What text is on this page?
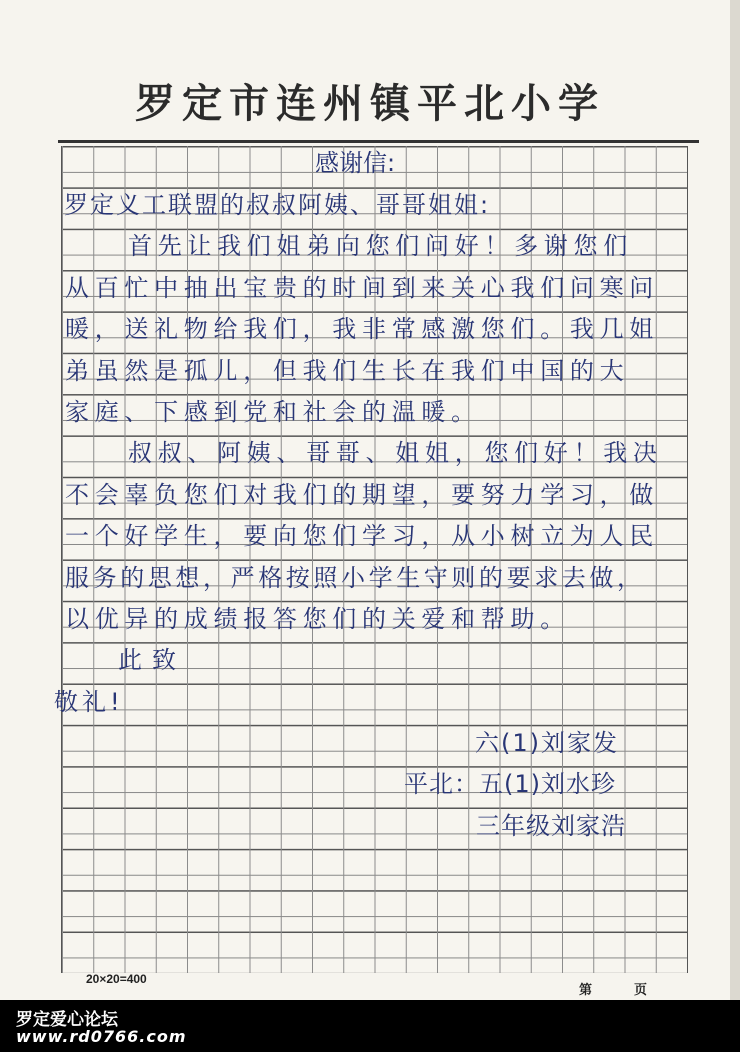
罗定市连州镇平北小学
感谢信:
罗定义工联盟的叔叔阿姨、哥哥姐姐:
首先让我们姐弟向您们问好！多谢您们
从百忙中抽出宝贵的时间到来关心我们问寒问
暖，送礼物给我们，我非常感激您们。我几姐
弟虽然是孤儿，但我们生长在我们中国的大
家庭、下感到党和社会的温暖。
叔叔、阿姨、哥哥、姐姐，您们好！我决
不会辜负您们对我们的期望，要努力学习，做
一个好学生，要向您们学习，从小树立为人民
服务的思想，严格按照小学生守则的要求去做，
以优异的成绩报答您们的关爱和帮助。
此致
敬礼!
六(1)刘家发
平北：五(1)刘水珍
三年级刘家浩
20×20=400
第	页
罗定爱心论坛
www.rd0766.com
